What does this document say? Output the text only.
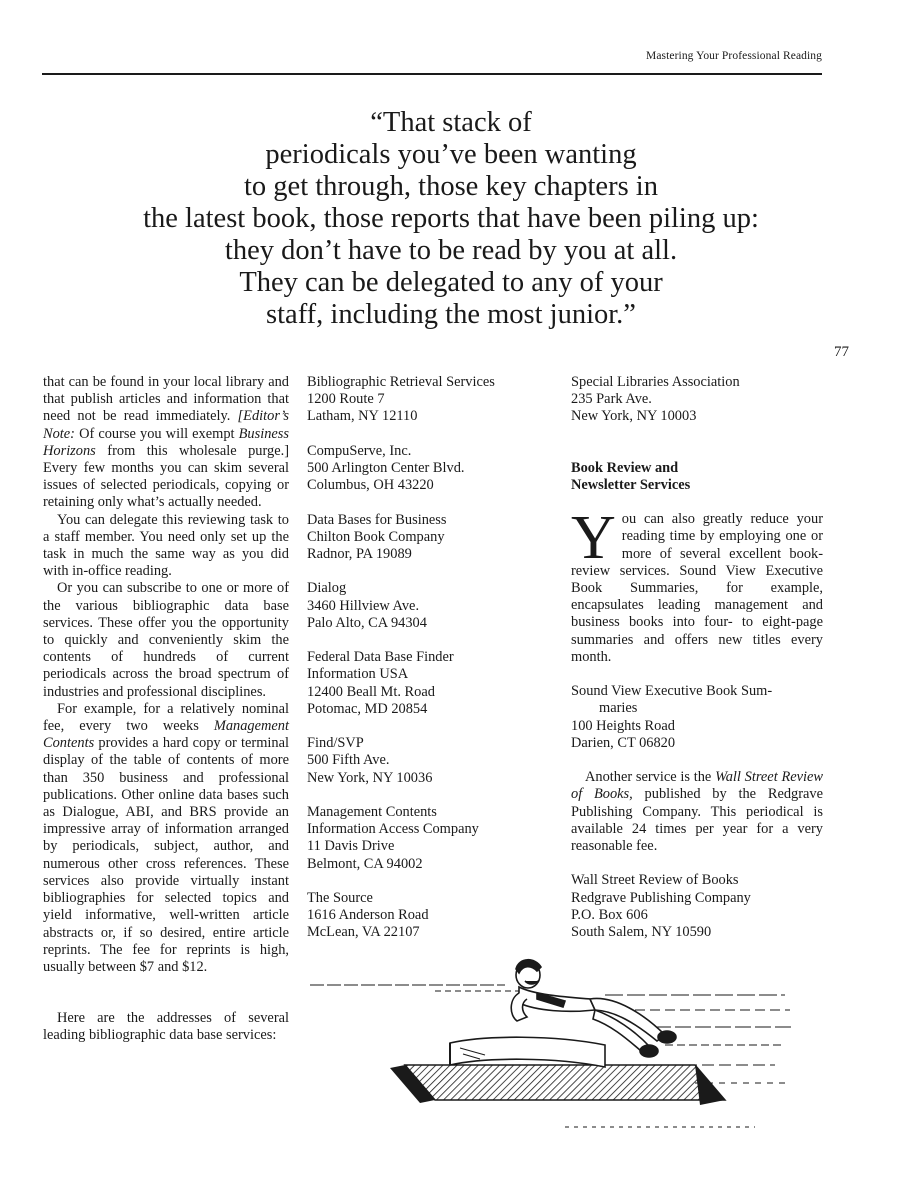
Mastering Your Professional Reading
“That stack of
periodicals you’ve been wanting
to get through, those key chapters in
the latest book, those reports that have been piling up:
they don’t have to be read by you at all.
They can be delegated to any of your
staff, including the most junior.”
77

that can be found in your local library and that publish articles and information that need not be read immediately. [Editor’s Note: Of course you will exempt Business Horizons from this wholesale purge.] Every few months you can skim several issues of selected periodicals, copying or retaining only what’s actually needed.

You can delegate this reviewing task to a staff member. You need only set up the task in much the same way as you did with in-office reading.

Or you can subscribe to one or more of the various bibliographic data base services. These offer you the opportunity to quickly and conveniently skim the contents of hundreds of current periodicals across the broad spectrum of industries and professional disciplines.

For example, for a relatively nominal fee, every two weeks Management Contents provides a hard copy or terminal display of the table of contents of more than 350 business and professional publications. Other online data bases such as Dialogue, ABI, and BRS provide an impressive array of information arranged by periodicals, subject, author, and numerous other cross references. These services also provide virtually instant bibliographies for selected topics and yield informative, well-written article abstracts or, if so desired, entire article reprints. The fee for reprints is high, usually between $7 and $12.

Here are the addresses of several leading bibliographic data base services:

Bibliographic Retrieval Services
1200 Route 7
Latham, NY 12110
CompuServe, Inc.
500 Arlington Center Blvd.
Columbus, OH 43220
Data Bases for Business
Chilton Book Company
Radnor, PA 19089
Dialog
3460 Hillview Ave.
Palo Alto, CA 94304
Federal Data Base Finder
Information USA
12400 Beall Mt. Road
Potomac, MD 20854
Find/SVP
500 Fifth Ave.
New York, NY 10036
Management Contents
Information Access Company
11 Davis Drive
Belmont, CA 94002
The Source
1616 Anderson Road
McLean, VA 22107
Special Libraries Association
235 Park Ave.
New York, NY 10003
Book Review and
Newsletter Services

You can also greatly reduce your reading time by employing one or more of several excellent book-review services. Sound View Executive Book Summaries, for example, encapsulates leading management and business books into four- to eight-page summaries and offers new titles every month.

Sound View Executive Book Sum-
maries
100 Heights Road
Darien, CT 06820

Another service is the Wall Street Review of Books, published by the Redgrave Publishing Company. This periodical is available 24 times per year for a very reasonable fee.

Wall Street Review of Books
Redgrave Publishing Company
P.O. Box 606
South Salem, NY 10590
